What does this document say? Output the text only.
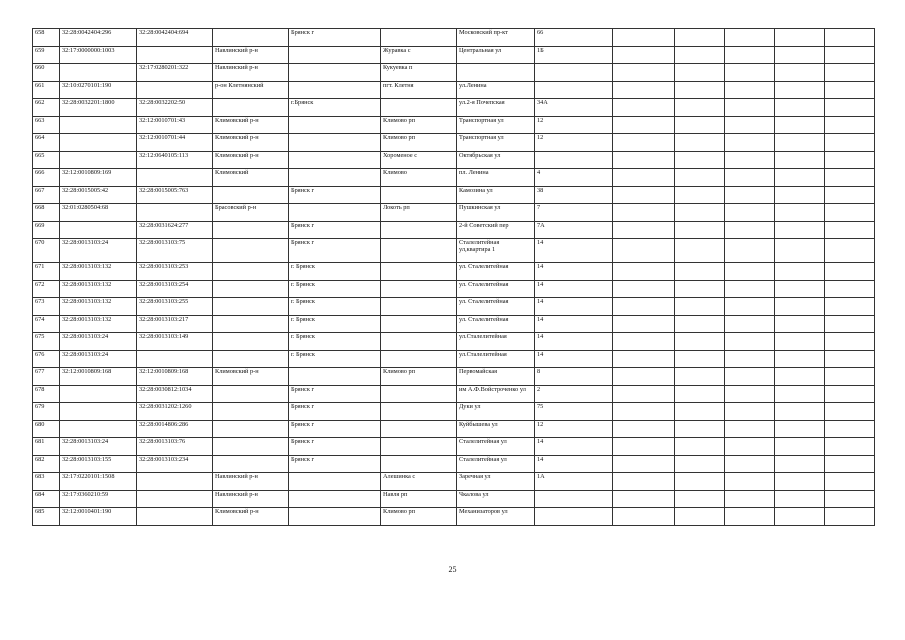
658	32:28:0042404:296	32:28:0042404:694		Брянск г		Московский пр-кт	66					
659	32:17:0000000:1003		Навлинский р-н		Журавка с	Центральная ул	1Б					
660		32:17:0280201:322	Навлинский р-н		Кукуевка п							
661	32:10:0270101:190		р-он Клетнянский		пгт. Клетня	ул.Ленина						
662	32:28:0032201:1800	32:28:0032202:50		г.Брянск		ул.2-я Почепская	34А					
663		32:12:0010701:43	Климовский р-н		Климово рп	Транспортная ул	12					
664		32:12:0010701:44	Климовский р-н		Климово рп	Транспортная ул	12					
665		32:12:0640105:113	Климовский р-н		Хороменое с	Октябрьская ул						
666	32:12:0010809:169		Климовский		Климово	пл. Ленина	4					
667	32:28:0015005:42	32:28:0015005:763		Брянск г		Камозина ул	38					
668	32:01:0280504:68		Брасовский р-н		Локоть рп	Пушкинская ул	7					
669		32:28:0031624:277		Брянск г		2-й Советский пер	7А					
670	32:28:0013103:24	32:28:0013103:75		Брянск г		Сталелитейная ул,квартира 1	14					
671	32:28:0013103:132	32:28:0013103:253		г. Брянск		ул. Сталелитейная	14					
672	32:28:0013103:132	32:28:0013103:254		г. Брянск		ул. Сталелитейная	14					
673	32:28:0013103:132	32:28:0013103:255		г. Брянск		ул. Сталелитейная	14					
674	32:28:0013103:132	32:28:0013103:217		г. Брянск		ул. Сталелитейная	14					
675	32:28:0013103:24	32:28:0013103:149		г. Брянск		ул.Сталелитейная	14					
676	32:28:0013103:24			г. Брянск		ул.Сталелитейная	14					
677	32:12:0010809:168	32:12:0010809:168	Климовский р-н		Климово рп	Первомайская	8					
678		32:28:0030812:1034		Брянск г		им А.Ф.Войстроченко ул	2					
679		32:28:0031202:1260		Брянск г		Дуки ул	75					
680		32:28:0014806:286		Брянск г		Куйбышева ул	12					
681	32:28:0013103:24	32:28:0013103:76		Брянск г		Сталелитейная ул	14					
682	32:28:0013103:155	32:28:0013103:234		Брянск г		Сталелитейная ул	14					
683	32:17:0220101:1508		Навлинский р-н		Алешинка с	Заречная ул	1А					
684	32:17:0360210:59		Навлинский р-н		Навля рп	Чкалова ул						
685	32:12:0010401:190		Климовский р-н		Климово рп	Механизаторов ул						
25
